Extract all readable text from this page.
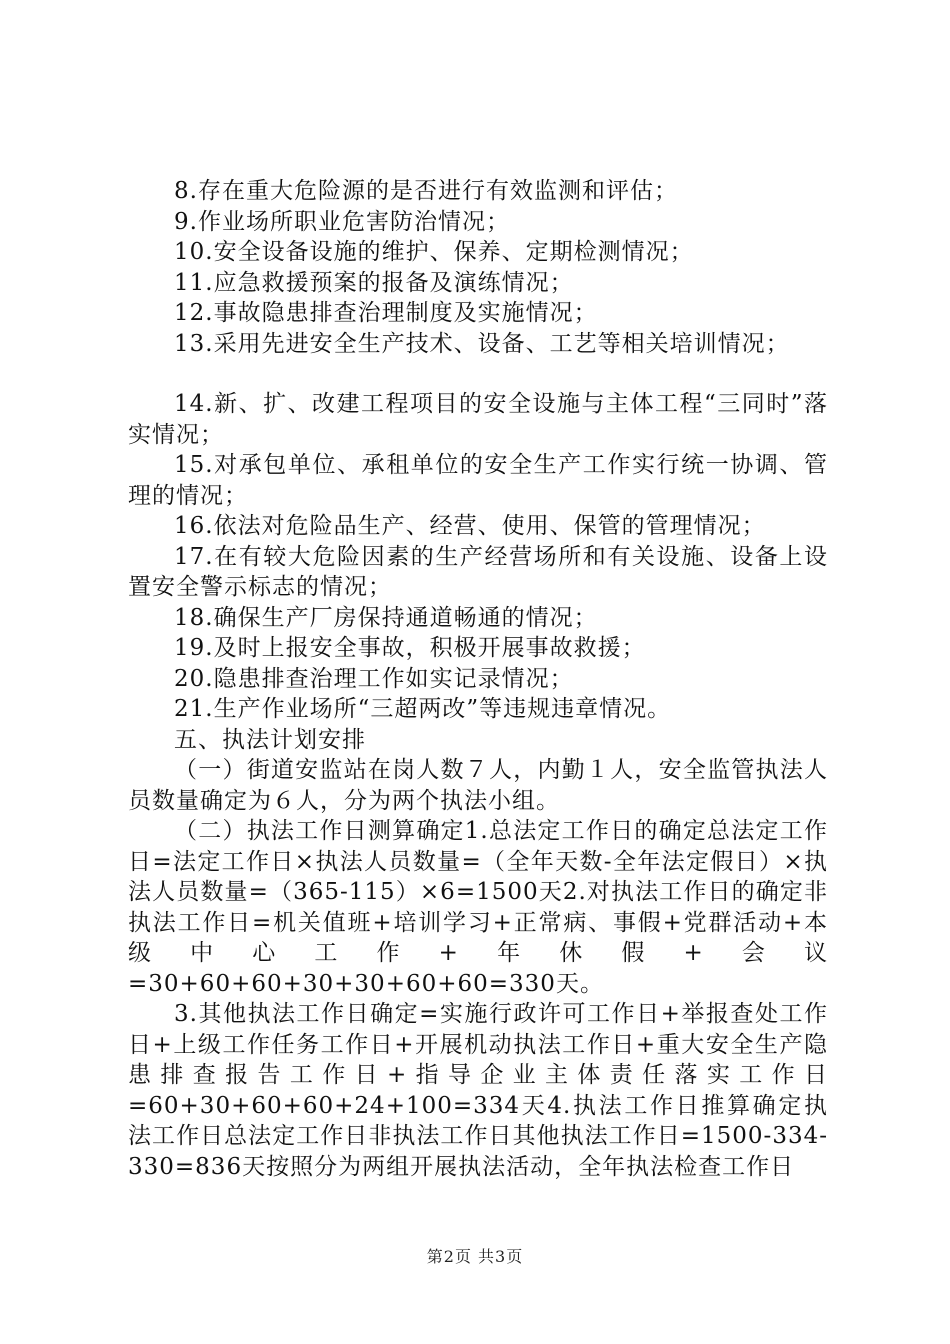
8.存在重大危险源的是否进行有效监测和评估；

9.作业场所职业危害防治情况；

10.安全设备设施的维护、保养、定期检测情况；

11.应急救援预案的报备及演练情况；

12.事故隐患排查治理制度及实施情况；

13.采用先进安全生产技术、设备、工艺等相关培训情况；

14.新、扩、改建工程项目的安全设施与主体工程“三同时”落实情况；

15.对承包单位、承租单位的安全生产工作实行统一协调、管理的情况；

16.依法对危险品生产、经营、使用、保管的管理情况；

17.在有较大危险因素的生产经营场所和有关设施、设备上设置安全警示标志的情况；

18.确保生产厂房保持通道畅通的情况；

19.及时上报安全事故，积极开展事故救援；

20.隐患排查治理工作如实记录情况；

21.生产作业场所“三超两改”等违规违章情况。

五、执法计划安排

（一）街道安监站在岗人数７人，内勤１人，安全监管执法人员数量确定为６人，分为两个执法小组。

（二）执法工作日测算确定1.总法定工作日的确定总法定工作日=法定工作日×执法人员数量=（全年天数-全年法定假日）×执法人员数量=（365-115）×6=1500天2.对执法工作日的确定非执法工作日=机关值班+培训学习+正常病、事假+党群活动+本级中心工作+年休假+会议=30+60+60+30+30+60+60=330天。

3.其他执法工作日确定=实施行政许可工作日+举报查处工作日+上级工作任务工作日+开展机动执法工作日+重大安全生产隐患排查报告工作日+指导企业主体责任落实工作日=60+30+60+60+24+100=334天4.执法工作日推算确定执法工作日总法定工作日非执法工作日其他执法工作日=1500-334-330=836天按照分为两组开展执法活动，全年执法检查工作日

第2页 共3页
